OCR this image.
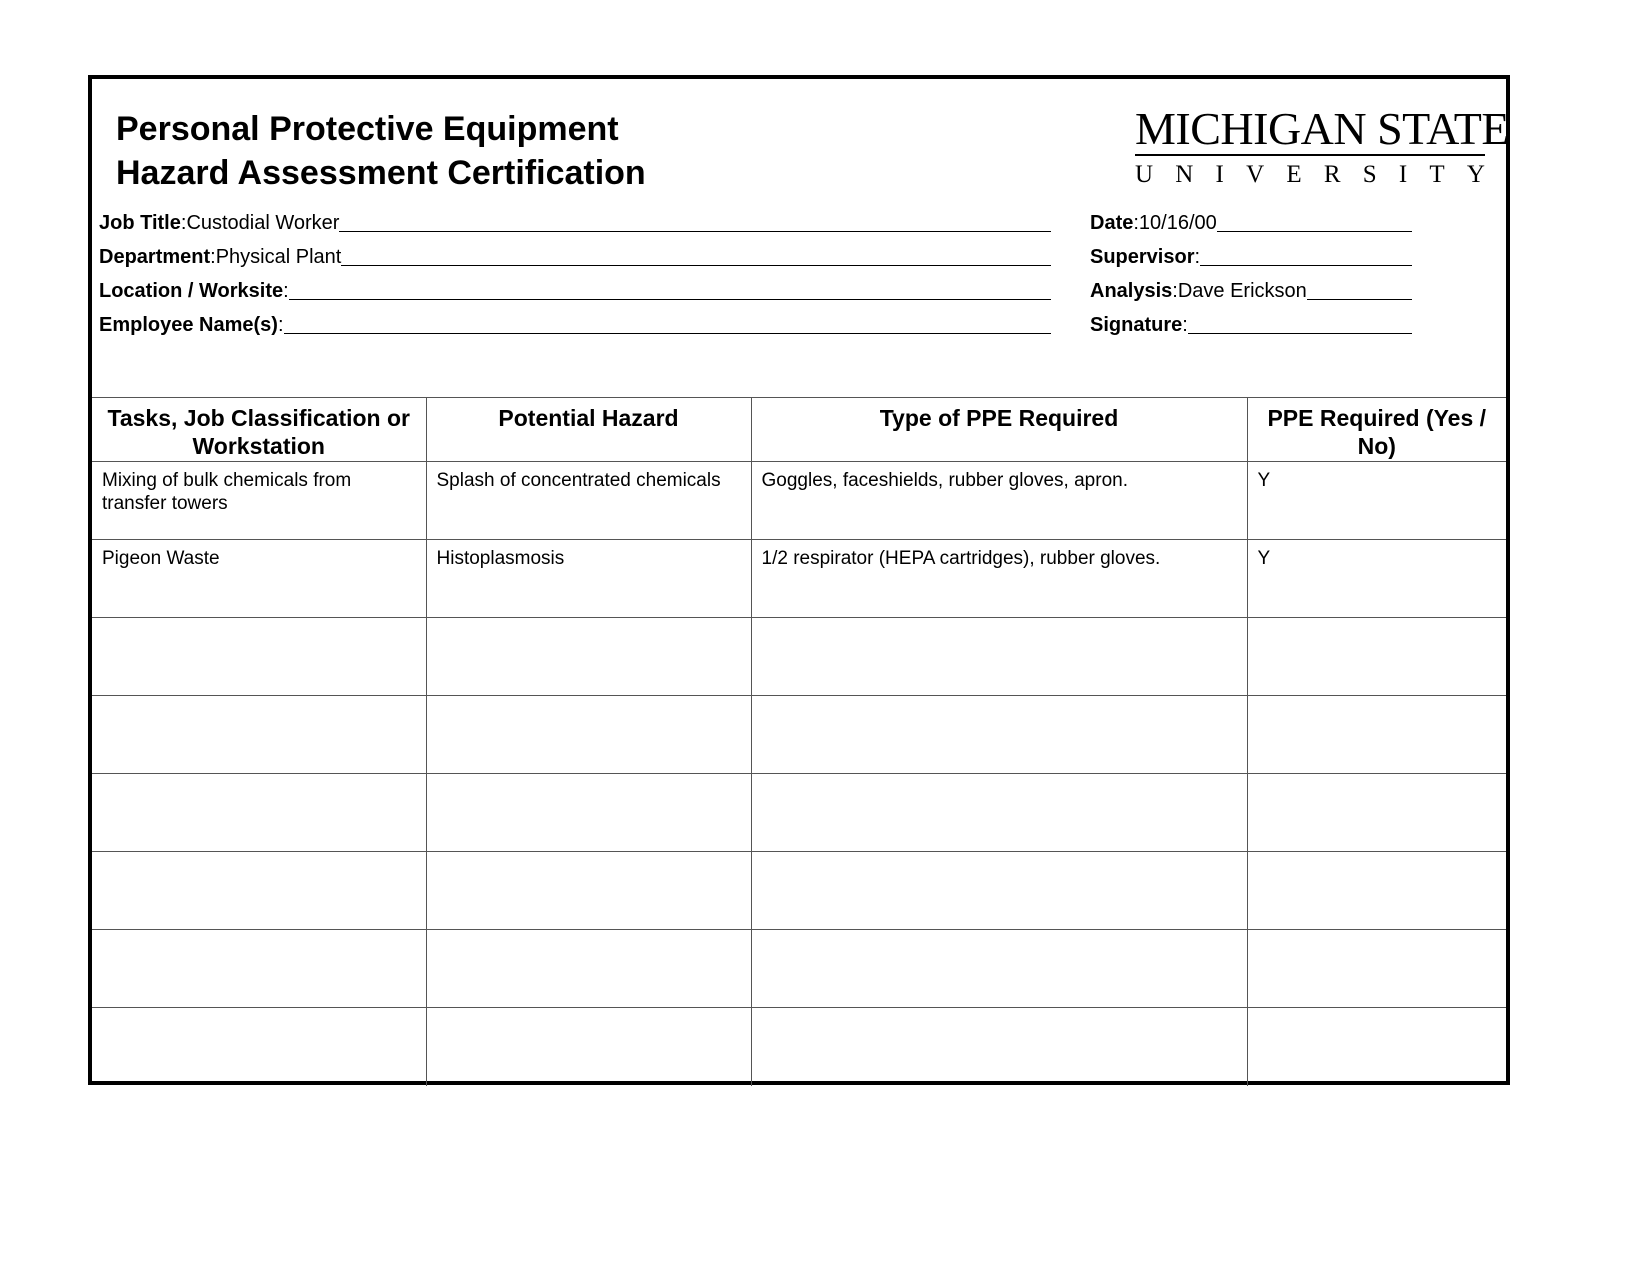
Personal Protective Equipment
Hazard Assessment Certification
MICHIGAN STATE
U N I V E R S I T Y
Job Title : Custodial Worker
Department : Physical Plant
Location / Worksite :
Employee Name(s) :
Date : 10/16/00
Supervisor :
Analysis : Dave Erickson
Signature :
Tasks, Job Classification or Workstation	Potential Hazard	Type of PPE Required	PPE Required (Yes / No)
Mixing of bulk chemicals from transfer towers	Splash of concentrated chemicals	Goggles, faceshields, rubber gloves, apron.	Y
Pigeon Waste	Histoplasmosis	1/2 respirator (HEPA cartridges), rubber gloves.	Y
